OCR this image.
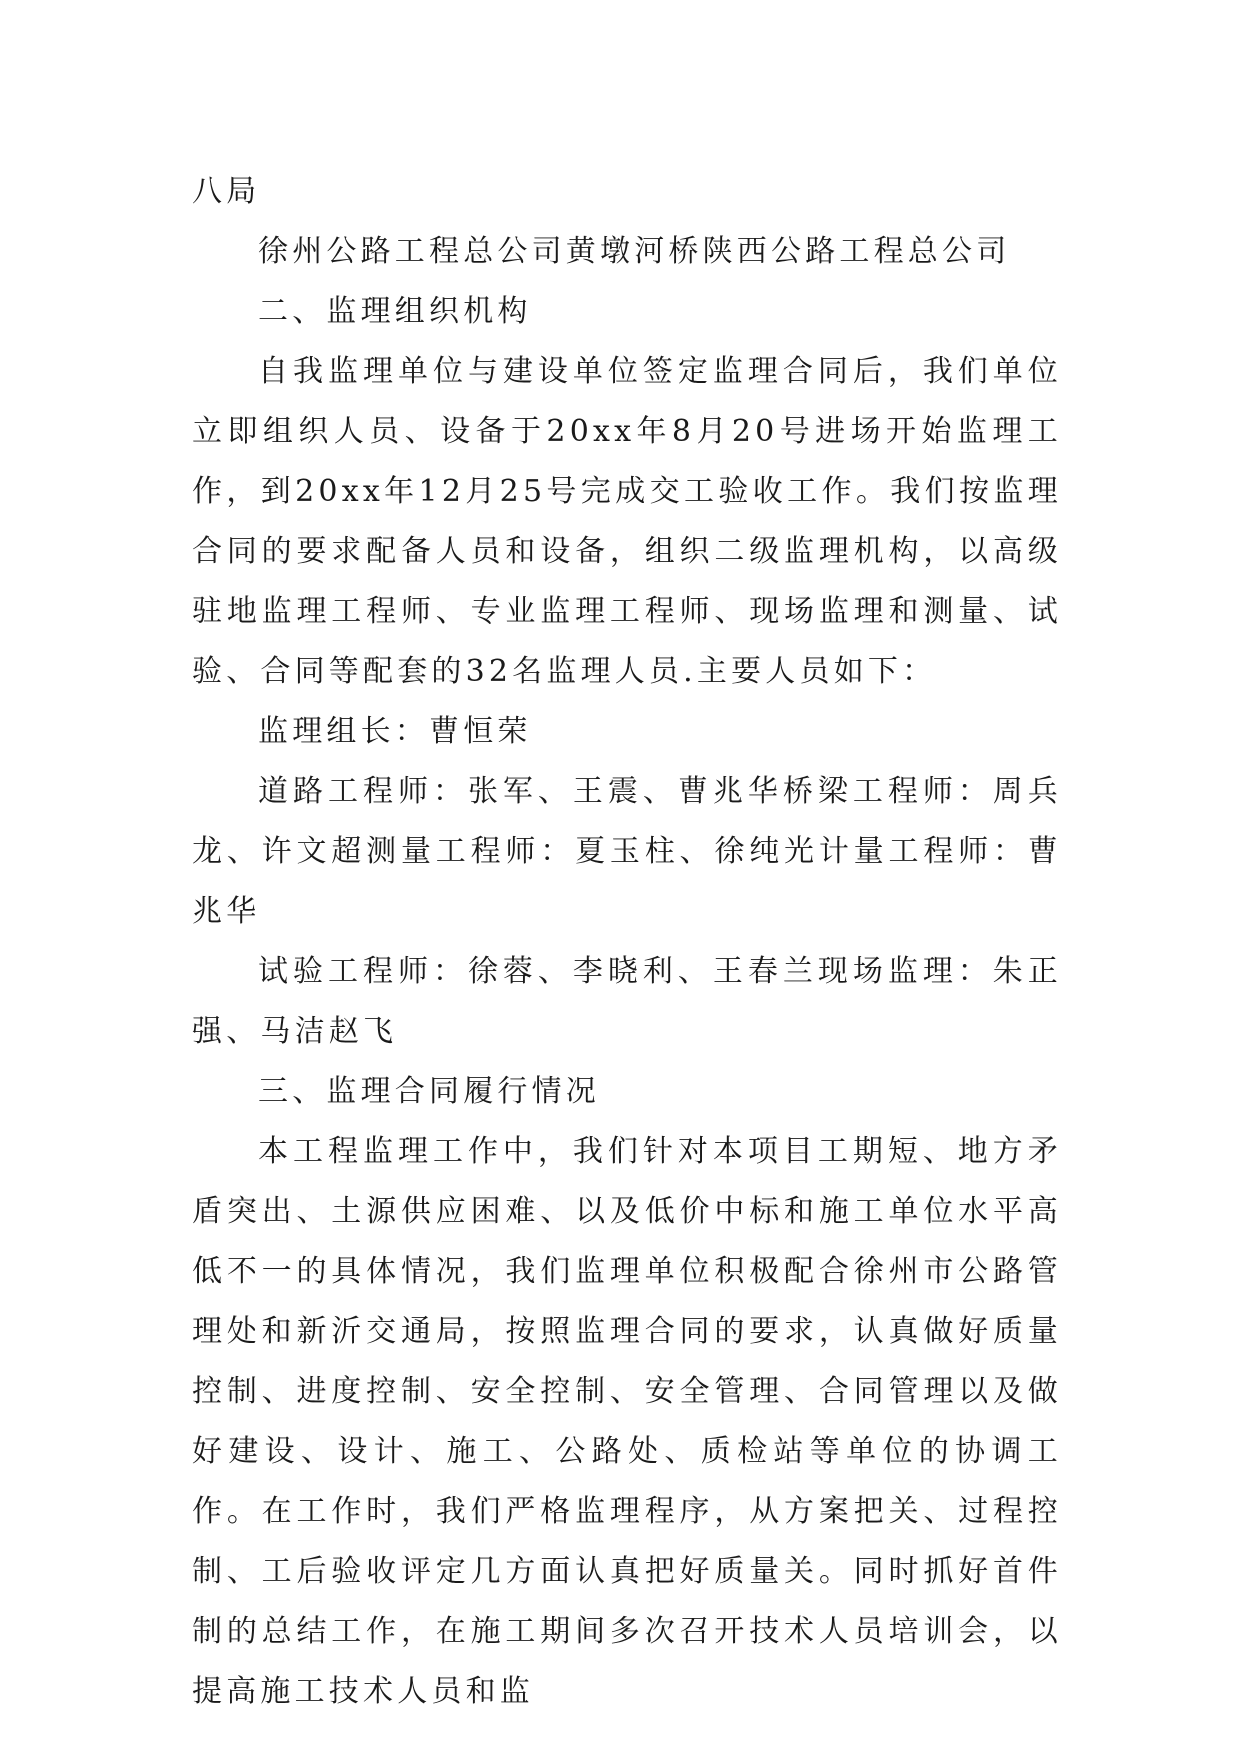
八局

徐州公路工程总公司黄墩河桥陕西公路工程总公司

二、监理组织机构

自我监理单位与建设单位签定监理合同后，我们单位立即组织人员、设备于20xx年8月20号进场开始监理工作，到20xx年12月25号完成交工验收工作。我们按监理合同的要求配备人员和设备，组织二级监理机构，以高级驻地监理工程师、专业监理工程师、现场监理和测量、试验、合同等配套的32名监理人员.主要人员如下：

监理组长：曹恒荣

道路工程师：张军、王震、曹兆华桥梁工程师：周兵龙、许文超测量工程师：夏玉柱、徐纯光计量工程师：曹兆华

试验工程师：徐蓉、李晓利、王春兰现场监理：朱正强、马洁赵飞

三、监理合同履行情况

本工程监理工作中，我们针对本项目工期短、地方矛盾突出、土源供应困难、以及低价中标和施工单位水平高低不一的具体情况，我们监理单位积极配合徐州市公路管理处和新沂交通局，按照监理合同的要求，认真做好质量控制、进度控制、安全控制、安全管理、合同管理以及做好建设、设计、施工、公路处、质检站等单位的协调工作。在工作时，我们严格监理程序，从方案把关、过程控制、工后验收评定几方面认真把好质量关。同时抓好首件制的总结工作，在施工期间多次召开技术人员培训会，以提高施工技术人员和监
